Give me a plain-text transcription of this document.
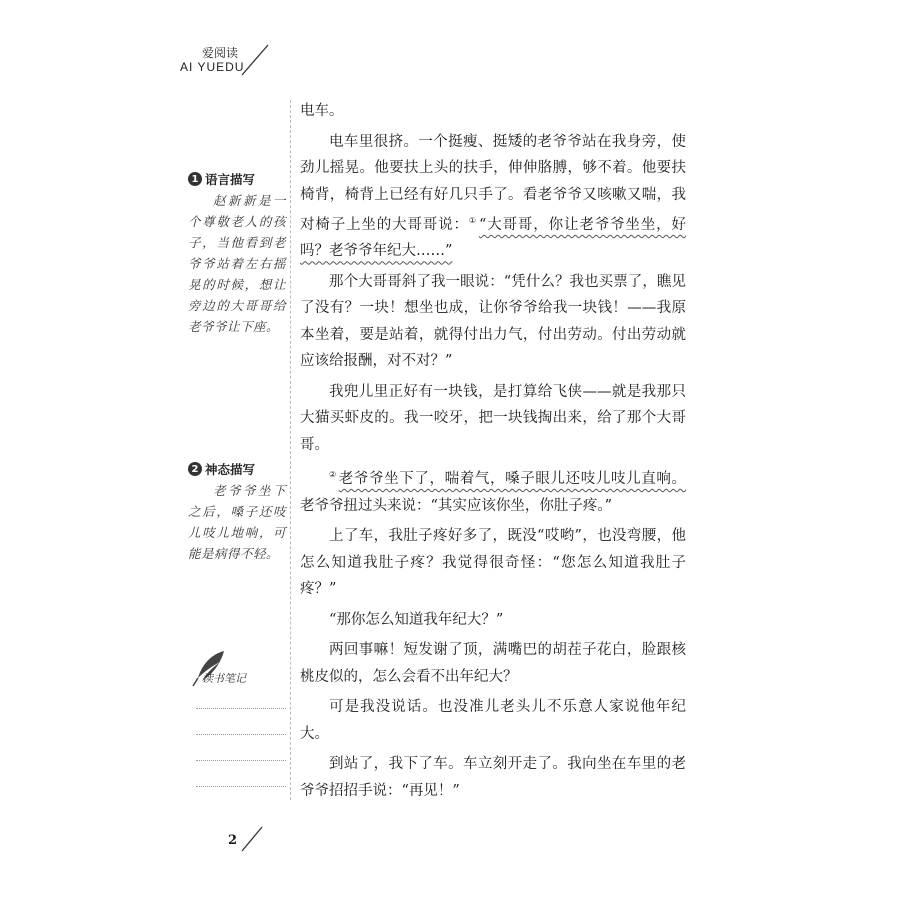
爱阅读
AI YUEDU
1 语言描写
赵新新是一个尊敬老人的孩子，当他看到老爷爷站着左右摇晃的时候，想让旁边的大哥哥给老爷爷让下座。
2 神态描写
老爷爷坐下之后，嗓子还吱儿吱儿地响，可能是病得不轻。
读书笔记

电车。

电车里很挤。一个挺瘦、挺矮的老爷爷站在我身旁，使劲儿摇晃。他要扶上头的扶手，伸伸胳膊，够不着。他要扶椅背，椅背上已经有好几只手了。看老爷爷又咳嗽又喘，我对椅子上坐的大哥哥说：① “大哥哥，你让老爷爷坐坐，好吗？老爷爷年纪大……”

那个大哥哥斜了我一眼说：“凭什么？我也买票了，瞧见了没有？一块！想坐也成，让你爷爷给我一块钱！——我原本坐着，要是站着，就得付出力气，付出劳动。付出劳动就应该给报酬，对不对？”

我兜儿里正好有一块钱，是打算给飞侠——就是我那只大猫买虾皮的。我一咬牙，把一块钱掏出来，给了那个大哥哥。

② 老爷爷坐下了，喘着气，嗓子眼儿还吱儿吱儿直响。老爷爷扭过头来说：“其实应该你坐，你肚子疼。”

上了车，我肚子疼好多了，既没“哎哟”，也没弯腰，他怎么知道我肚子疼？我觉得很奇怪：“您怎么知道我肚子疼？”

“那你怎么知道我年纪大？”

两回事嘛！短发谢了顶，满嘴巴的胡茬子花白，脸跟核桃皮似的，怎么会看不出年纪大？

可是我没说话。也没准儿老头儿不乐意人家说他年纪大。

到站了，我下了车。车立刻开走了。我向坐在车里的老爷爷招招手说：“再见！”

2
